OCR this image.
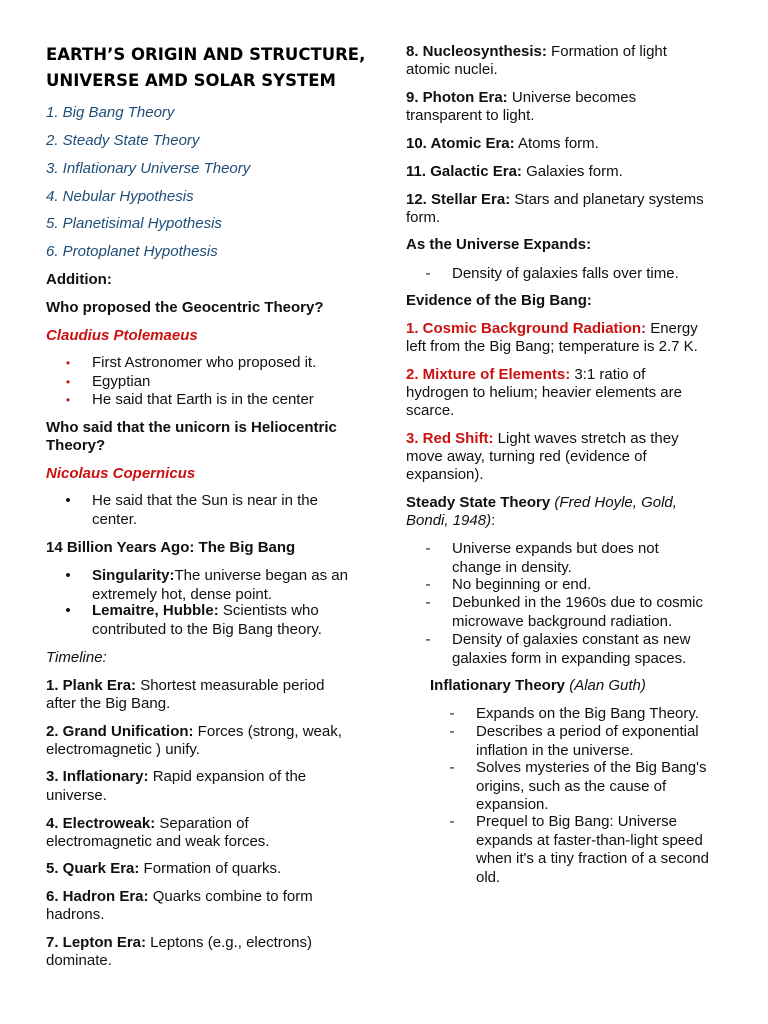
EARTH’S ORIGIN AND STRUCTURE,
UNIVERSE AMD SOLAR SYSTEM
1. Big Bang Theory
2. Steady State Theory
3. Inflationary Universe Theory
4. Nebular Hypothesis
5. Planetisimal Hypothesis
6. Protoplanet Hypothesis
Addition:
Who proposed the Geocentric Theory?
Claudius Ptolemaeus
•	First Astronomer who proposed it.
•	Egyptian
•	He said that Earth is in the center
Who said that the unicorn is Heliocentric
Theory?
Nicolaus Copernicus
•	He said that the Sun is near in the
center.
14 Billion Years Ago: The Big Bang
•	Singularity:The universe began as an
extremely hot, dense point.
•	Lemaitre, Hubble: Scientists who
contributed to the Big Bang theory.
Timeline:
1. Plank Era: Shortest measurable period
after the Big Bang.
2. Grand Unification: Forces (strong, weak,
electromagnetic ) unify.
3. Inflationary: Rapid expansion of the
universe.
4. Electroweak: Separation of
electromagnetic and weak forces.
5. Quark Era: Formation of quarks.
6. Hadron Era: Quarks combine to form
hadrons.
7. Lepton Era: Leptons (e.g., electrons)
dominate.
8. Nucleosynthesis: Formation of light
atomic nuclei.
9. Photon Era: Universe becomes
transparent to light.
10. Atomic Era: Atoms form.
11. Galactic Era: Galaxies form.
12. Stellar Era: Stars and planetary systems
form.
As the Universe Expands:
-	Density of galaxies falls over time.
Evidence of the Big Bang:
1. Cosmic Background Radiation: Energy
left from the Big Bang; temperature is 2.7 K.
2. Mixture of Elements: 3:1 ratio of
hydrogen to helium; heavier elements are
scarce.
3. Red Shift: Light waves stretch as they
move away, turning red (evidence of
expansion).
Steady State Theory (Fred Hoyle, Gold,
Bondi, 1948):
-	Universe expands but does not
change in density.
-	No beginning or end.
-	Debunked in the 1960s due to cosmic
microwave background radiation.
-	Density of galaxies constant as new
galaxies form in expanding spaces.
Inflationary Theory (Alan Guth)
-	Expands on the Big Bang Theory.
-	Describes a period of exponential
inflation in the universe.
-	Solves mysteries of the Big Bang's
origins, such as the cause of
expansion.
-	Prequel to Big Bang: Universe
expands at faster-than-light speed
when it's a tiny fraction of a second
old.
